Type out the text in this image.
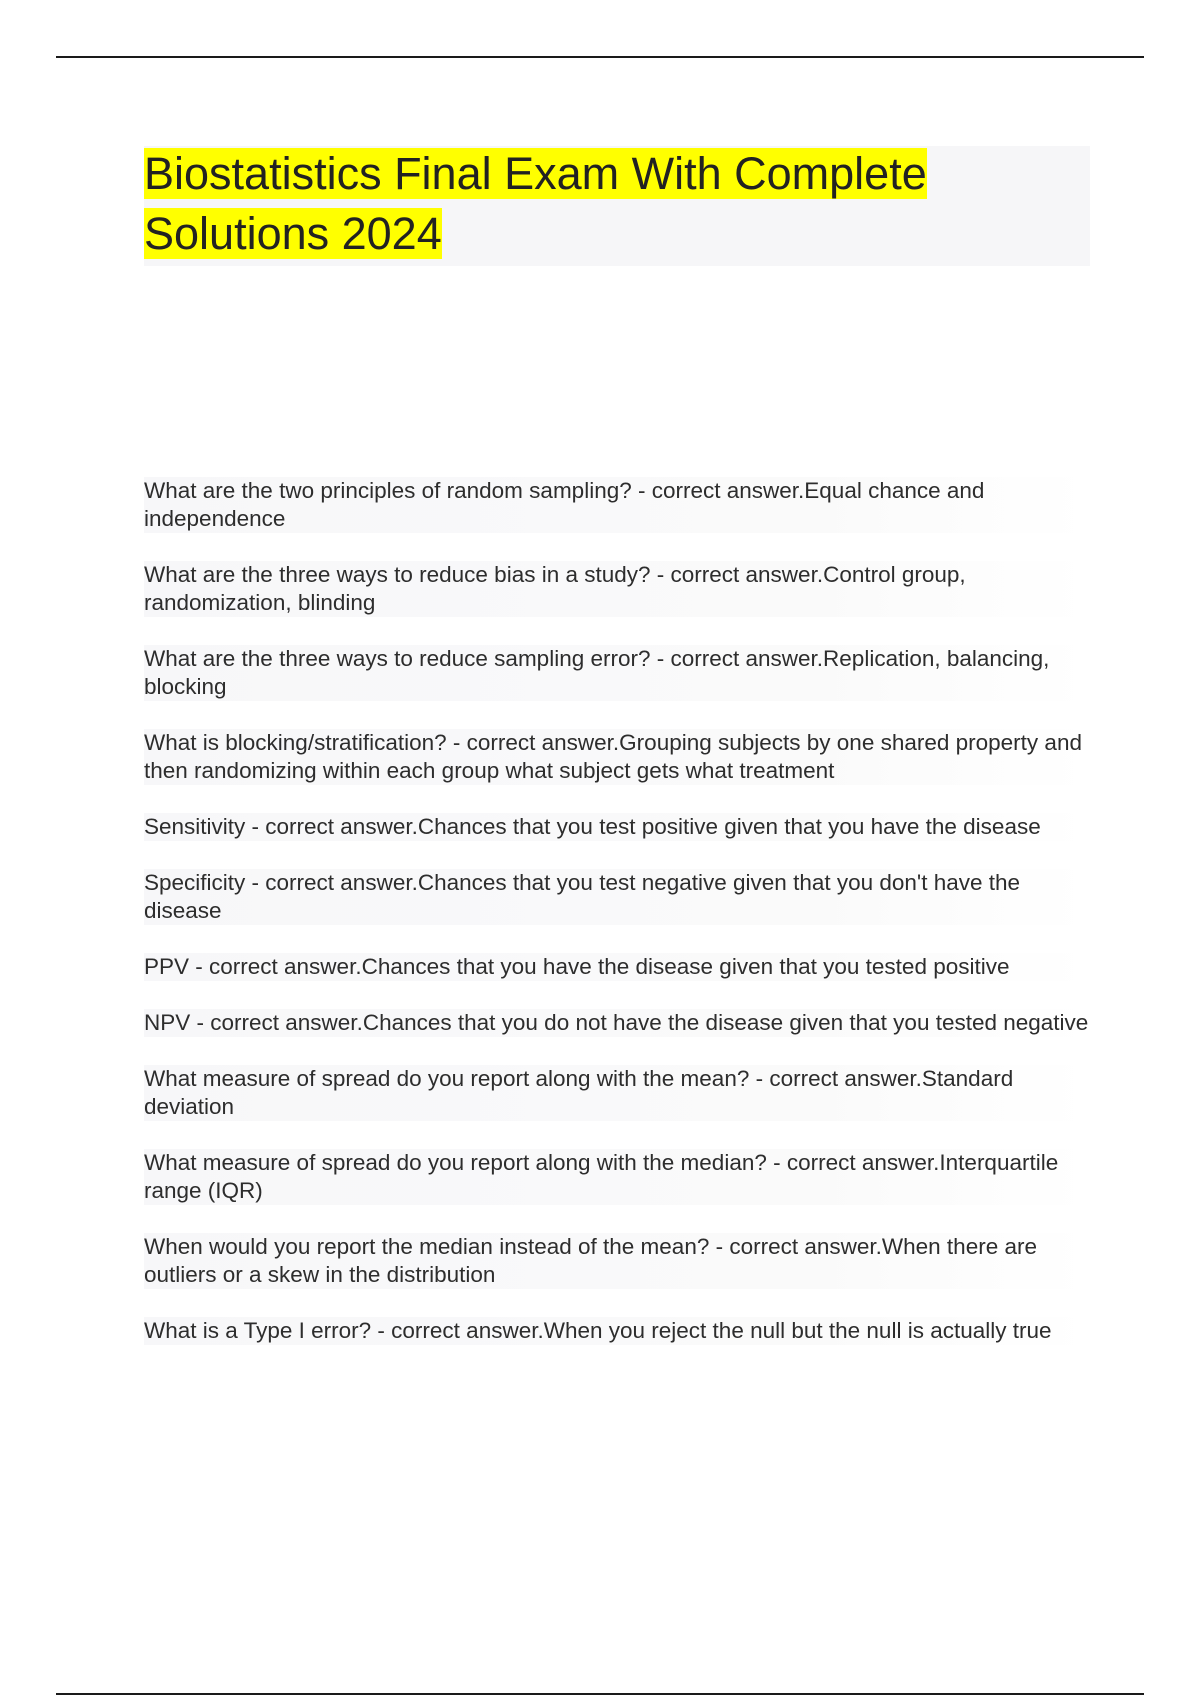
Biostatistics Final Exam With Complete Solutions 2024

What are the two principles of random sampling? - correct answer.Equal chance and independence

What are the three ways to reduce bias in a study? - correct answer.Control group, randomization, blinding

What are the three ways to reduce sampling error? - correct answer.Replication, balancing, blocking

What is blocking/stratification? - correct answer.Grouping subjects by one shared property and then randomizing within each group what subject gets what treatment

Sensitivity - correct answer.Chances that you test positive given that you have the disease

Specificity - correct answer.Chances that you test negative given that you don't have the disease

PPV - correct answer.Chances that you have the disease given that you tested positive

NPV - correct answer.Chances that you do not have the disease given that you tested negative

What measure of spread do you report along with the mean? - correct answer.Standard deviation

What measure of spread do you report along with the median? - correct answer.Interquartile range (IQR)

When would you report the median instead of the mean? - correct answer.When there are outliers or a skew in the distribution

What is a Type I error? - correct answer.When you reject the null but the null is actually true
